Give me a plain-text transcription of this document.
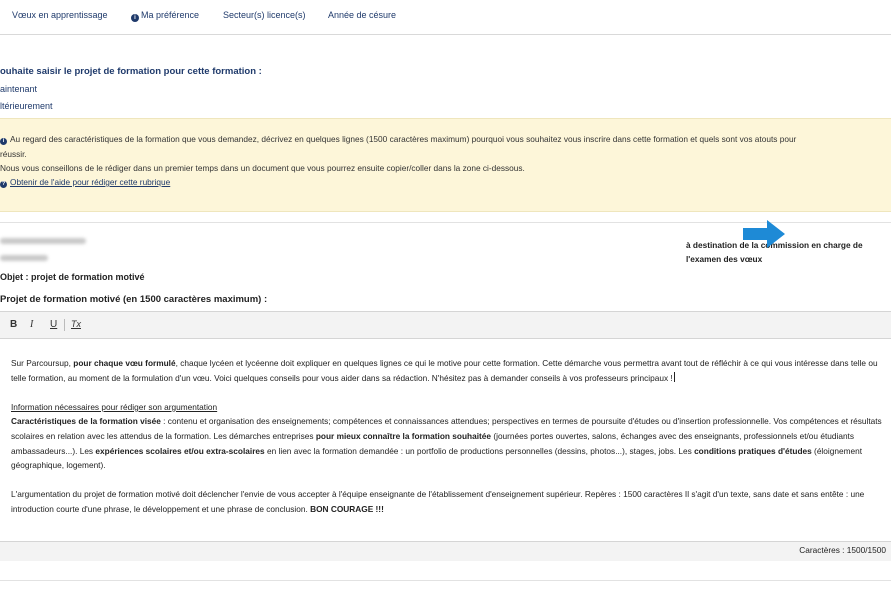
Vœux en apprentissage	i Ma préférence	Secteur(s) licence(s) Année de césure
ouhaite saisir le projet de formation pour cette formation :
aintenant
ltérieurement
i Au regard des caractéristiques de la formation que vous demandez, décrivez en quelques lignes (1500 caractères maximum) pourquoi vous souhaitez vous inscrire dans cette formation et quels sont vos atouts pour
réussir.
Nous vous conseillons de le rédiger dans un premier temps dans un document que vous pourrez ensuite copier/coller dans la zone ci-dessous.
? Obtenir de l'aide pour rédiger cette rubrique
à destination de la commission en charge de l'examen des vœux
Objet : projet de formation motivé
Projet de formation motivé (en 1500 caractères maximum) :
B I U Tx

Sur Parcoursup, pour chaque vœu formulé, chaque lycéen et lycéenne doit expliquer en quelques lignes ce qui le motive pour cette formation. Cette démarche vous permettra avant tout de réfléchir à ce qui vous intéresse dans telle ou telle formation, au moment de la formulation d'un vœu. Voici quelques conseils pour vous aider dans sa rédaction. N'hésitez pas à demander conseils à vos professeurs principaux !

Information nécessaires pour rédiger son argumentation
Caractéristiques de la formation visée : contenu et organisation des enseignements; compétences et connaissances attendues; perspectives en termes de poursuite d'études ou d'insertion professionnelle. Vos compétences et résultats scolaires en relation avec les attendus de la formation. Les démarches entreprises pour mieux connaître la formation souhaitée (journées portes ouvertes, salons, échanges avec des enseignants, professionnels et/ou étudiants ambassadeurs...). Les expériences scolaires et/ou extra-scolaires en lien avec la formation demandée : un portfolio de productions personnelles (dessins, photos...), stages, jobs. Les conditions pratiques d'études (éloignement géographique, logement).

L'argumentation du projet de formation motivé doit déclencher l'envie de vous accepter à l'équipe enseignante de l'établissement d'enseignement supérieur. Repères : 1500 caractères Il s'agit d'un texte, sans date et sans entête : une introduction courte d'une phrase, le développement et une phrase de conclusion. BON COURAGE !!!

Caractères : 1500/1500
